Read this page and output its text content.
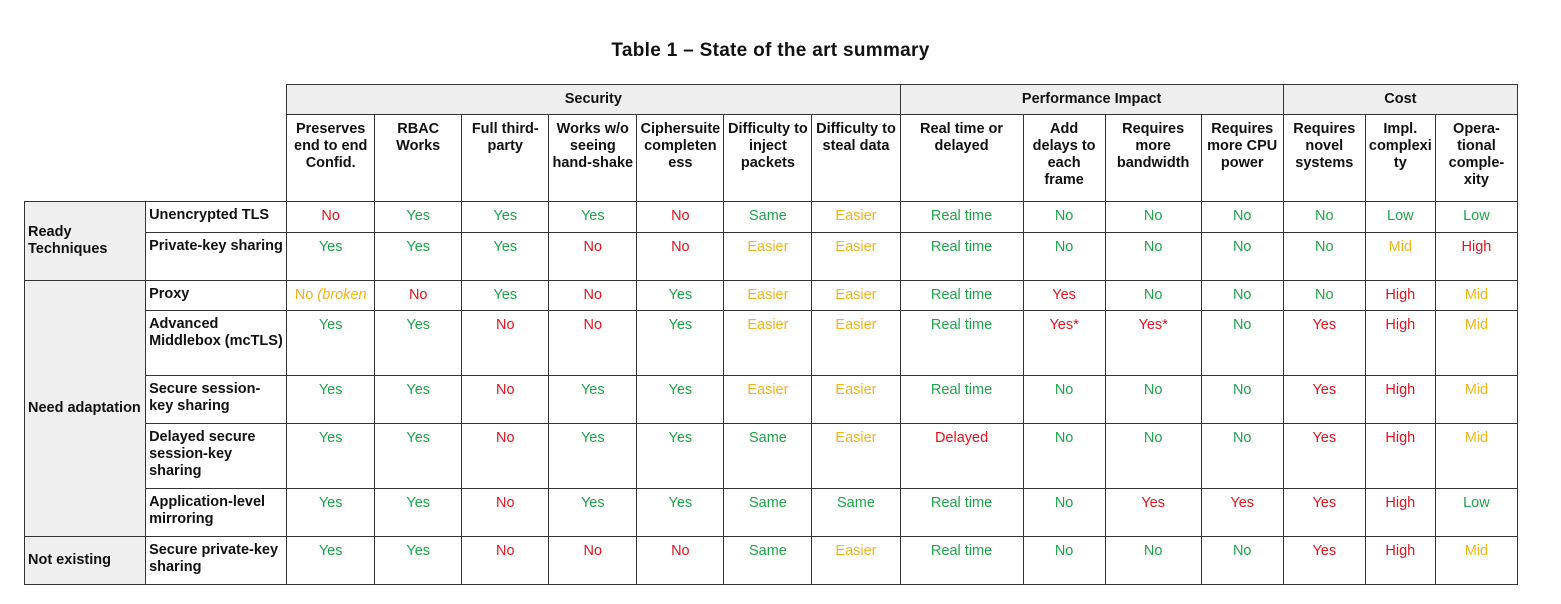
Table 1 – State of the art summary
		Security							Performance Impact				Cost		
		Preserves end to end Confid.	RBAC Works	Full third-party	Works w/o seeing hand-shake	Ciphersuite completeness	Difficulty to inject packets	Difficulty to steal data	Real time or delayed	Add delays to each frame	Requires more bandwidth	Requires more CPU power	Requires novel systems	Impl. complexity	Opera-tional comple-xity
Ready Techniques	Unencrypted TLS	No	Yes	Yes	Yes	No	Same	Easier	Real time	No	No	No	No	Low	Low
	Private-key sharing	Yes	Yes	Yes	No	No	Easier	Easier	Real time	No	No	No	No	Mid	High
Need adaptation	Proxy	No (broken	No	Yes	No	Yes	Easier	Easier	Real time	Yes	No	No	No	High	Mid
	Advanced Middlebox (mcTLS)	Yes	Yes	No	No	Yes	Easier	Easier	Real time	Yes*	Yes*	No	Yes	High	Mid
	Secure session-key sharing	Yes	Yes	No	Yes	Yes	Easier	Easier	Real time	No	No	No	Yes	High	Mid
	Delayed secure session-key sharing	Yes	Yes	No	Yes	Yes	Same	Easier	Delayed	No	No	No	Yes	High	Mid
	Application-level mirroring	Yes	Yes	No	Yes	Yes	Same	Same	Real time	No	Yes	Yes	Yes	High	Low
Not existing	Secure private-key sharing	Yes	Yes	No	No	No	Same	Easier	Real time	No	No	No	Yes	High	Mid
